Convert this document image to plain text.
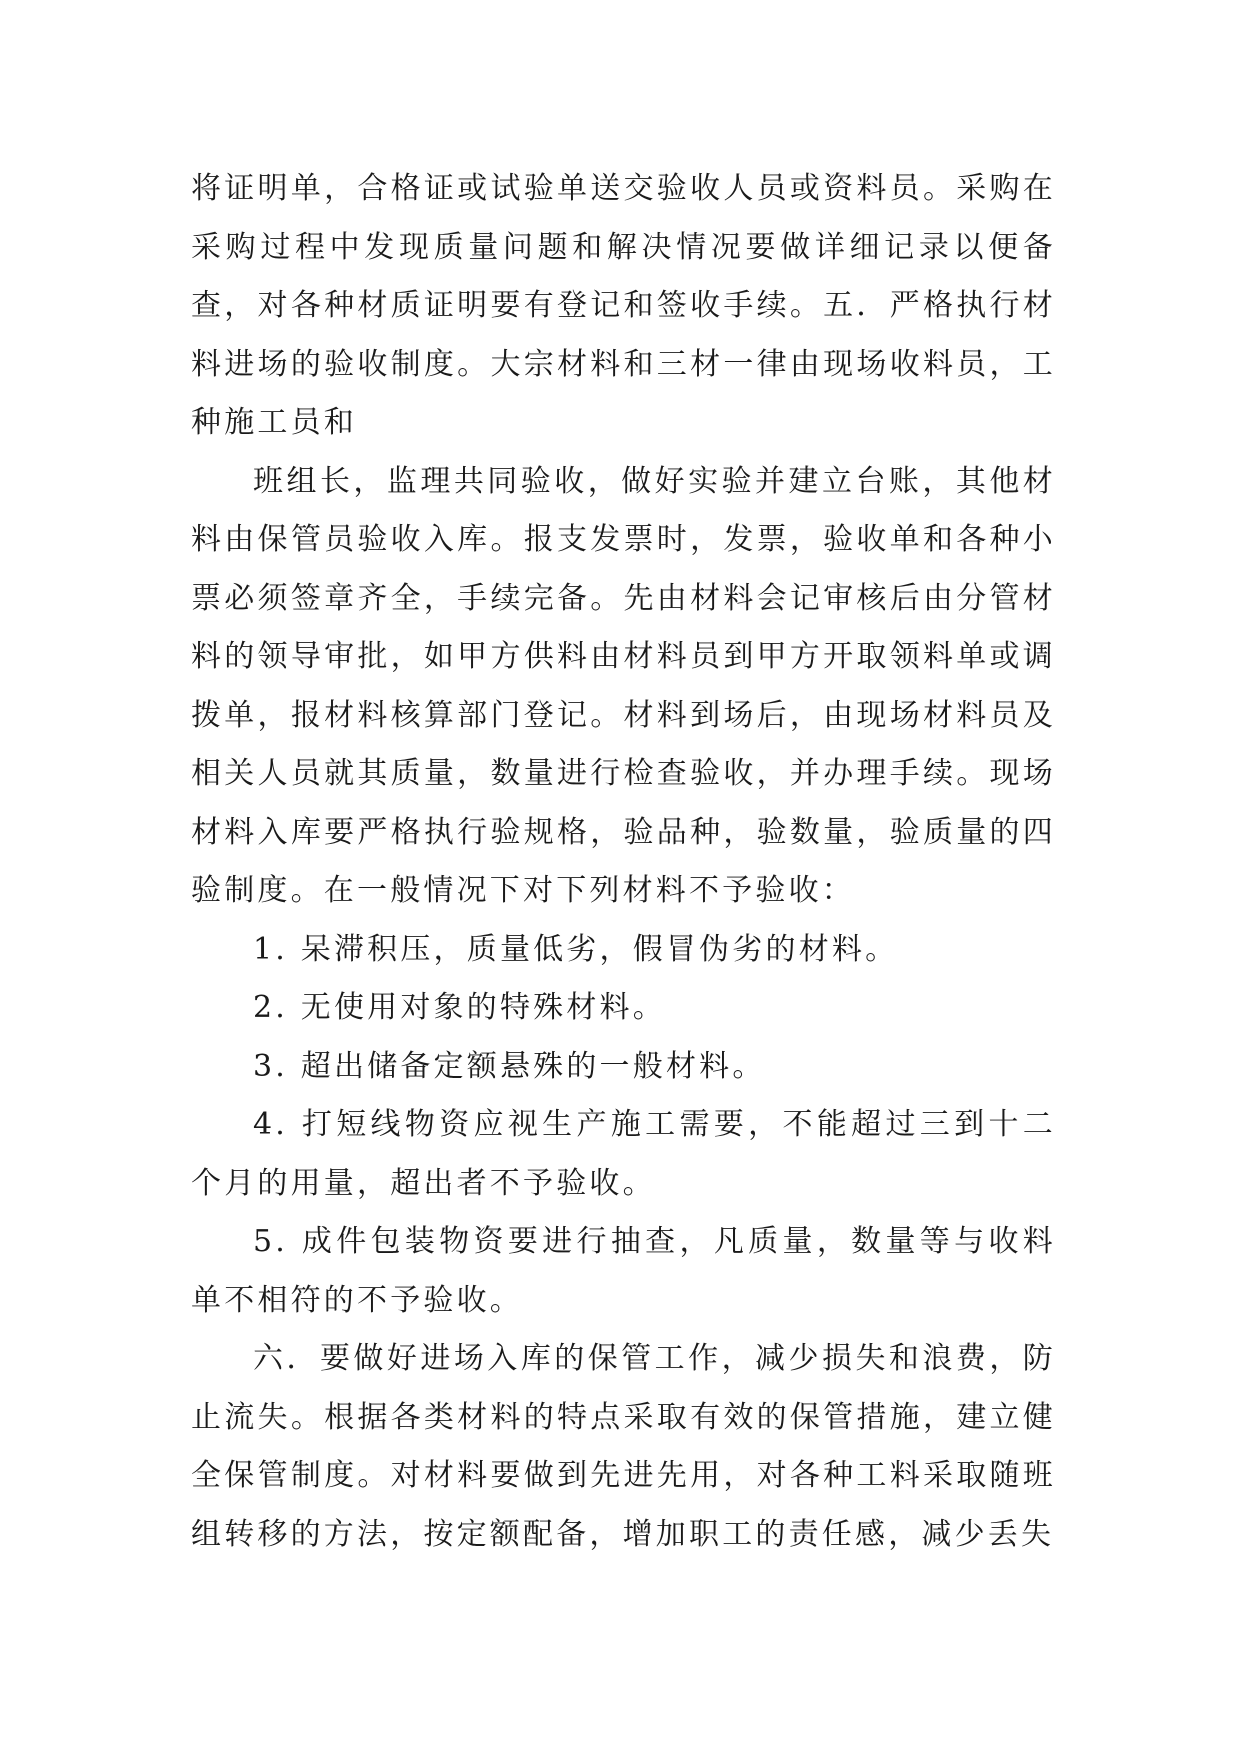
将证明单，合格证或试验单送交验收人员或资料员。采购在采购过程中发现质量问题和解决情况要做详细记录以便备查，对各种材质证明要有登记和签收手续。五．严格执行材料进场的验收制度。大宗材料和三材一律由现场收料员，工种施工员和

班组长，监理共同验收，做好实验并建立台账，其他材料由保管员验收入库。报支发票时，发票，验收单和各种小票必须签章齐全，手续完备。先由材料会记审核后由分管材料的领导审批，如甲方供料由材料员到甲方开取领料单或调拨单，报材料核算部门登记。材料到场后，由现场材料员及相关人员就其质量，数量进行检查验收，并办理手续。现场材料入库要严格执行验规格，验品种，验数量，验质量的四验制度。在一般情况下对下列材料不予验收：

1. 呆滞积压，质量低劣，假冒伪劣的材料。

2. 无使用对象的特殊材料。

3. 超出储备定额悬殊的一般材料。

4. 打短线物资应视生产施工需要，不能超过三到十二个月的用量，超出者不予验收。

5. 成件包装物资要进行抽查，凡质量，数量等与收料单不相符的不予验收。

六．要做好进场入库的保管工作，减少损失和浪费，防止流失。根据各类材料的特点采取有效的保管措施，建立健全保管制度。对材料要做到先进先用，对各种工料采取随班组转移的方法，按定额配备，增加职工的责任感，减少丢失
